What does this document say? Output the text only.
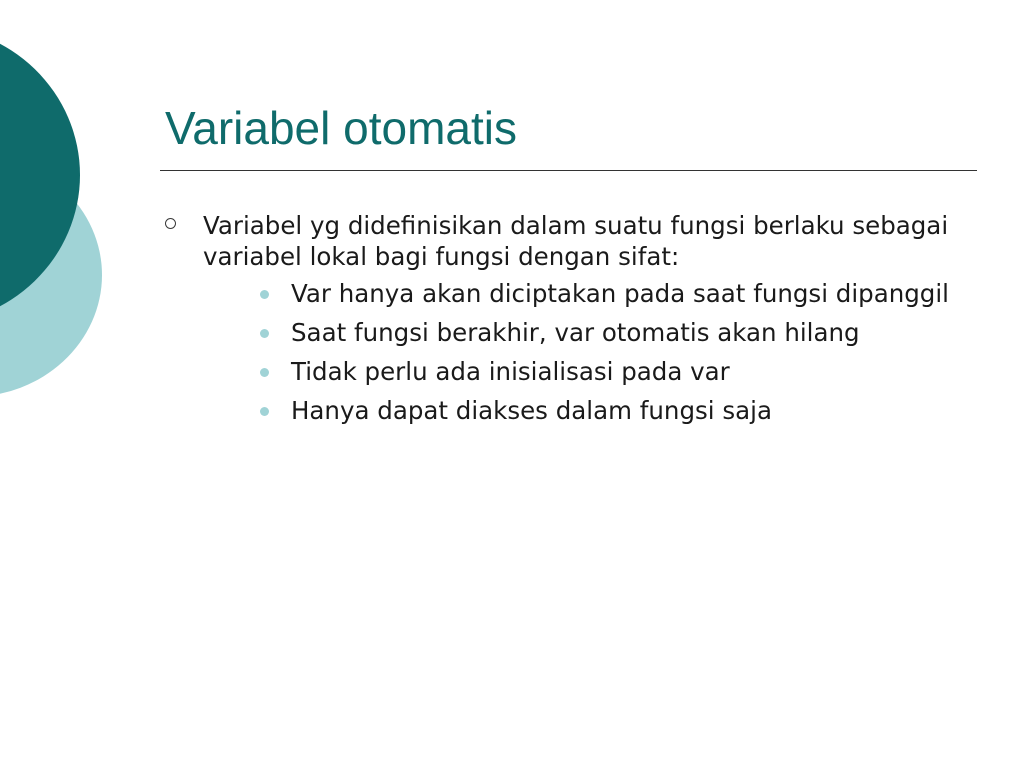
Variabel otomatis
Variabel yg didefinisikan dalam suatu fungsi berlaku sebagai variabel lokal bagi fungsi dengan sifat:
Var hanya akan diciptakan pada saat fungsi dipanggil
Saat fungsi berakhir, var otomatis akan hilang
Tidak perlu ada inisialisasi pada var
Hanya dapat diakses dalam fungsi saja
